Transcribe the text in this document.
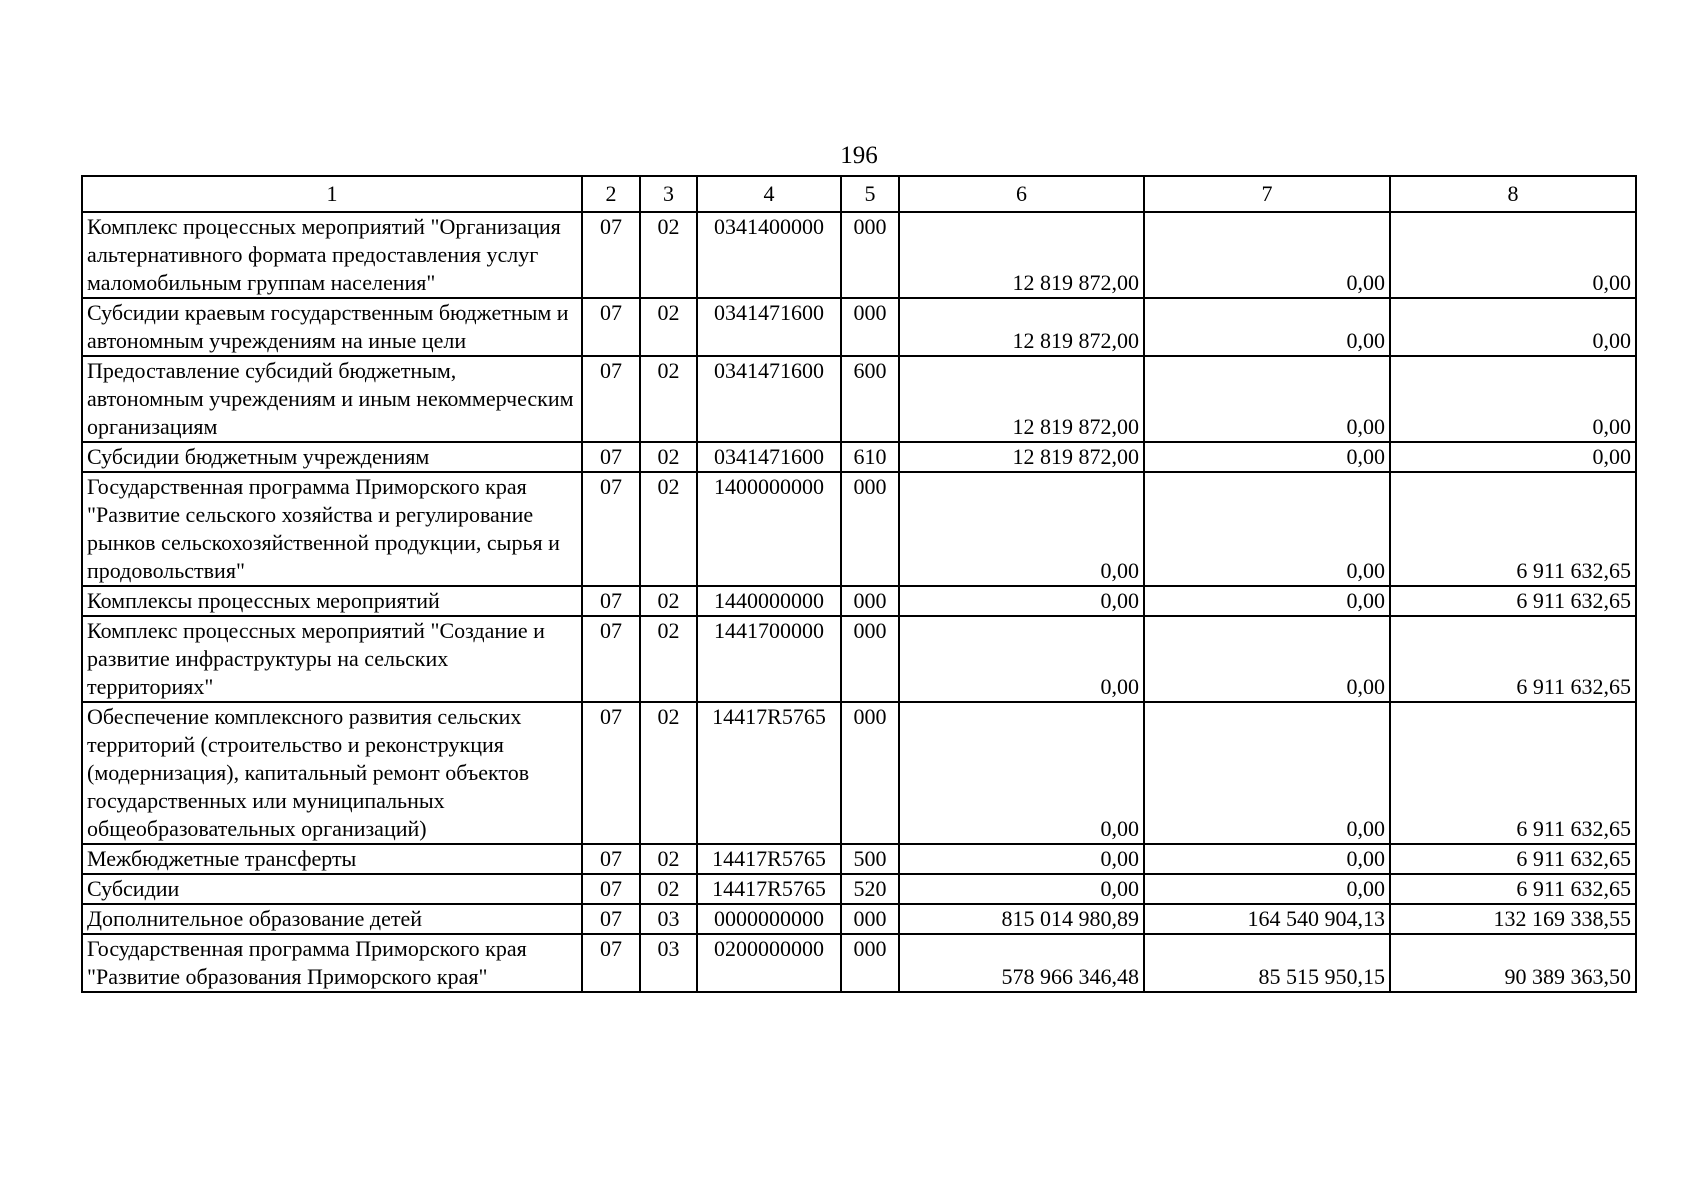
196
1	2	3	4	5	6	7	8
Комплекс процессных мероприятий "Организация альтернативного формата предоставления услуг маломобильным группам населения"	07	02	0341400000	000	12 819 872,00	0,00	0,00
Субсидии краевым государственным бюджетным и автономным учреждениям на иные цели	07	02	0341471600	000	12 819 872,00	0,00	0,00
Предоставление субсидий бюджетным, автономным учреждениям и иным некоммерческим организациям	07	02	0341471600	600	12 819 872,00	0,00	0,00
Субсидии бюджетным учреждениям	07	02	0341471600	610	12 819 872,00	0,00	0,00
Государственная программа Приморского края "Развитие сельского хозяйства и регулирование рынков сельскохозяйственной продукции, сырья и продовольствия"	07	02	1400000000	000	0,00	0,00	6 911 632,65
Комплексы процессных мероприятий	07	02	1440000000	000	0,00	0,00	6 911 632,65
Комплекс процессных мероприятий "Создание и развитие инфраструктуры на сельских территориях"	07	02	1441700000	000	0,00	0,00	6 911 632,65
Обеспечение комплексного развития сельских территорий (строительство и реконструкция (модернизация), капитальный ремонт объектов государственных или муниципальных общеобразовательных организаций)	07	02	14417R5765	000	0,00	0,00	6 911 632,65
Межбюджетные трансферты	07	02	14417R5765	500	0,00	0,00	6 911 632,65
Субсидии	07	02	14417R5765	520	0,00	0,00	6 911 632,65
Дополнительное образование детей	07	03	0000000000	000	815 014 980,89	164 540 904,13	132 169 338,55
Государственная программа Приморского края "Развитие образования Приморского края"	07	03	0200000000	000	578 966 346,48	85 515 950,15	90 389 363,50
